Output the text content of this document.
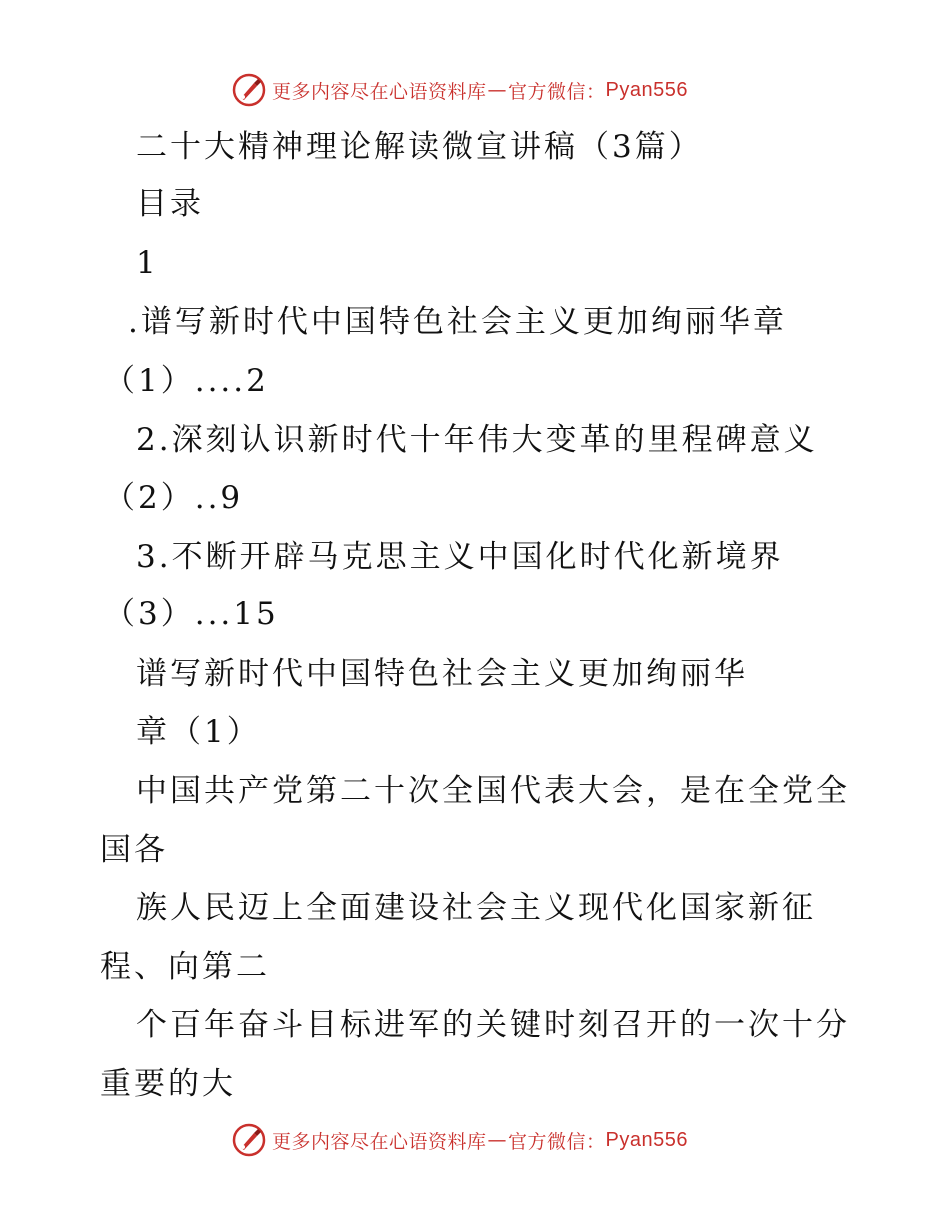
更多内容尽在心语资料库 — 官方微信： Pyan556
二十大精神理论解读微宣讲稿（3篇）
目录
1
.谱写新时代中国特色社会主义更加绚丽华章
（1）....2
2.深刻认识新时代十年伟大变革的里程碑意义
（2）..9
3.不断开辟马克思主义中国化时代化新境界
（3）...15
谱写新时代中国特色社会主义更加绚丽华
章（1）
中国共产党第二十次全国代表大会，是在全党全
国各
族人民迈上全面建设社会主义现代化国家新征
程、向第二
个百年奋斗目标进军的关键时刻召开的一次十分
重要的大
更多内容尽在心语资料库 — 官方微信： Pyan556
